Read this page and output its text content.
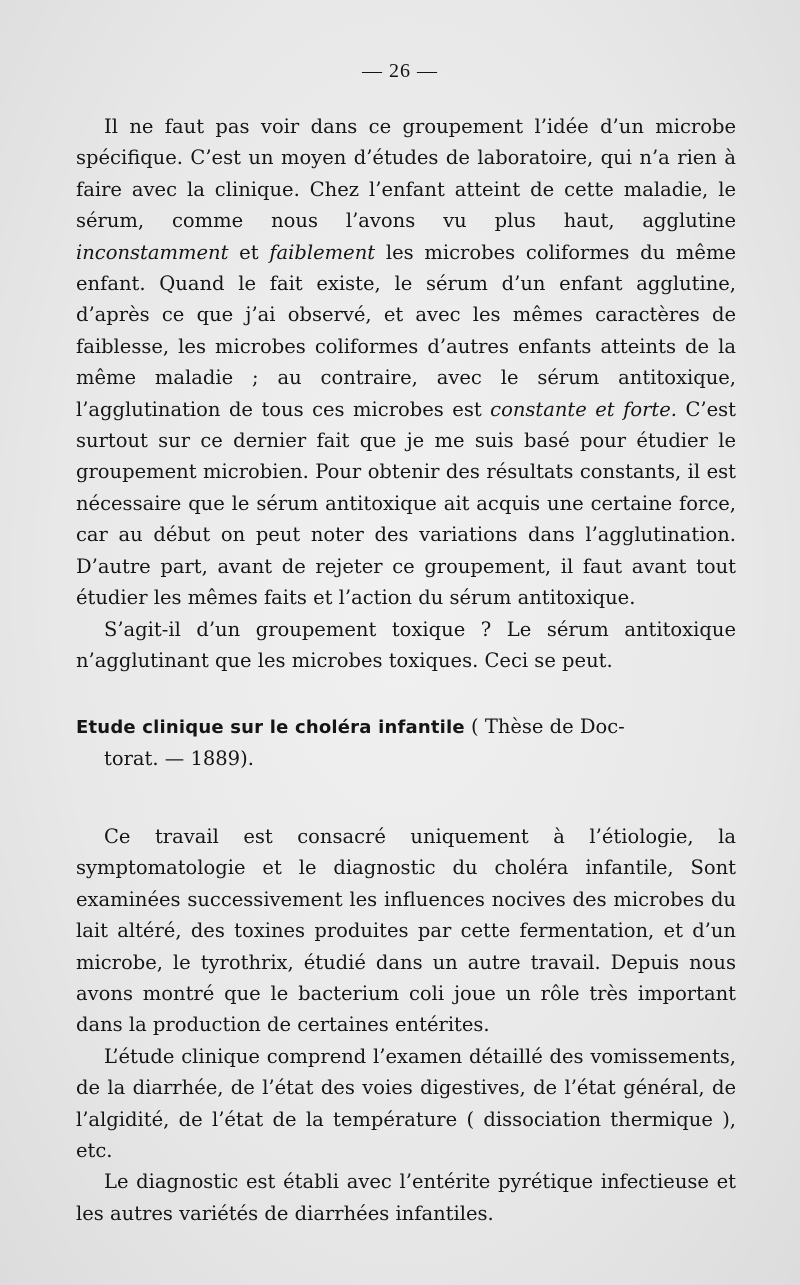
— 26 —

Il ne faut pas voir dans ce groupement l’idée d’un microbe spécifique. C’est un moyen d’études de laboratoire, qui n’a rien à faire avec la clinique. Chez l’enfant atteint de cette maladie, le sérum, comme nous l’avons vu plus haut, agglutine inconstamment et faiblement les microbes coliformes du même enfant. Quand le fait existe, le sérum d’un enfant agglutine, d’après ce que j’ai observé, et avec les mêmes caractères de faiblesse, les microbes coliformes d’autres enfants atteints de la même maladie ; au contraire, avec le sérum antitoxique, l’agglutination de tous ces microbes est constante et forte. C’est surtout sur ce dernier fait que je me suis basé pour étudier le groupement microbien. Pour obtenir des résultats constants, il est nécessaire que le sérum antitoxique ait acquis une certaine force, car au début on peut noter des variations dans l’agglutination. D’autre part, avant de rejeter ce groupement, il faut avant tout étudier les mêmes faits et l’action du sérum antitoxique.

S’agit-il d’un groupement toxique ? Le sérum antitoxique n’agglutinant que les microbes toxiques. Ceci se peut.

Etude clinique sur le choléra infantile ( Thèse de Doc-
torat. — 1889).

Ce travail est consacré uniquement à l’étiologie, la symptomatologie et le diagnostic du choléra infantile, Sont examinées successivement les influences nocives des microbes du lait altéré, des toxines produites par cette fermentation, et d’un microbe, le tyrothrix, étudié dans un autre travail. Depuis nous avons montré que le bacterium coli joue un rôle très important dans la production de certaines entérites.

L’étude clinique comprend l’examen détaillé des vomissements, de la diarrhée, de l’état des voies digestives, de l’état général, de l’algidité, de l’état de la température ( dissociation thermique ), etc.

Le diagnostic est établi avec l’entérite pyrétique infectieuse et les autres variétés de diarrhées infantiles.
